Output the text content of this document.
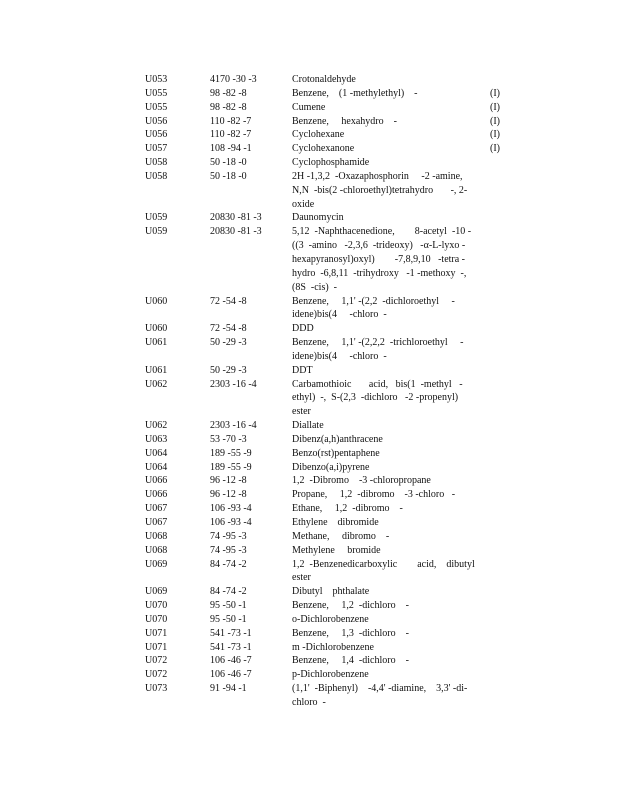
U053	4170 -30 -3	Crotonaldehyde
U055	98 -82 -8	Benzene,    (1 -methylethyl)    -	(I)
U055	98 -82 -8	Cumene	(I)
U056	110 -82 -7	Benzene,     hexahydro    -	(I)
U056	110 -82 -7	Cyclohexane	(I)
U057	108 -94 -1	Cyclohexanone	(I)
U058	50 -18 -0	Cyclophosphamide
U058	50 -18 -0	2H -1,3,2  -Oxazaphosphorin     -2 -amine,
N,N  -bis(2 -chloroethyl)tetrahydro       -, 2-
oxide
U059	20830 -81 -3	Daunomycin
U059	20830 -81 -3	5,12  -Naphthacenedione,        8-acetyl  -10 -
((3  -amino   -2,3,6  -trideoxy)   -α-L-lyxo -
hexapyranosyl)oxyl)        -7,8,9,10   -tetra -
hydro  -6,8,11  -trihydroxy   -1 -methoxy  -,
(8S  -cis)  -
U060	72 -54 -8	Benzene,     1,1' -(2,2  -dichloroethyl     -
idene)bis(4     -chloro  -
U060	72 -54 -8	DDD
U061	50 -29 -3	Benzene,     1,1' -(2,2,2  -trichloroethyl     -
idene)bis(4     -chloro  -
U061	50 -29 -3	DDT
U062	2303 -16 -4	Carbamothioic       acid,   bis(1  -methyl   -
ethyl)  -,  S-(2,3  -dichloro   -2 -propenyl)
ester
U062	2303 -16 -4	Diallate
U063	53 -70 -3	Dibenz(a,h)anthracene
U064	189 -55 -9	Benzo(rst)pentaphene
U064	189 -55 -9	Dibenzo(a,i)pyrene
U066	96 -12 -8	1,2  -Dibromo    -3 -chloropropane
U066	96 -12 -8	Propane,     1,2  -dibromo    -3 -chloro   -
U067	106 -93 -4	Ethane,     1,2  -dibromo    -
U067	106 -93 -4	Ethylene    dibromide
U068	74 -95 -3	Methane,     dibromo    -
U068	74 -95 -3	Methylene     bromide
U069	84 -74 -2	1,2  -Benzenedicarboxylic        acid,    dibutyl
ester
U069	84 -74 -2	Dibutyl    phthalate
U070	95 -50 -1	Benzene,     1,2  -dichloro    -
U070	95 -50 -1	o-Dichlorobenzene
U071	541 -73 -1	Benzene,     1,3  -dichloro    -
U071	541 -73 -1	m -Dichlorobenzene
U072	106 -46 -7	Benzene,     1,4  -dichloro    -
U072	106 -46 -7	p-Dichlorobenzene
U073	91 -94 -1	(1,1'  -Biphenyl)    -4,4' -diamine,    3,3' -di-
chloro  -
